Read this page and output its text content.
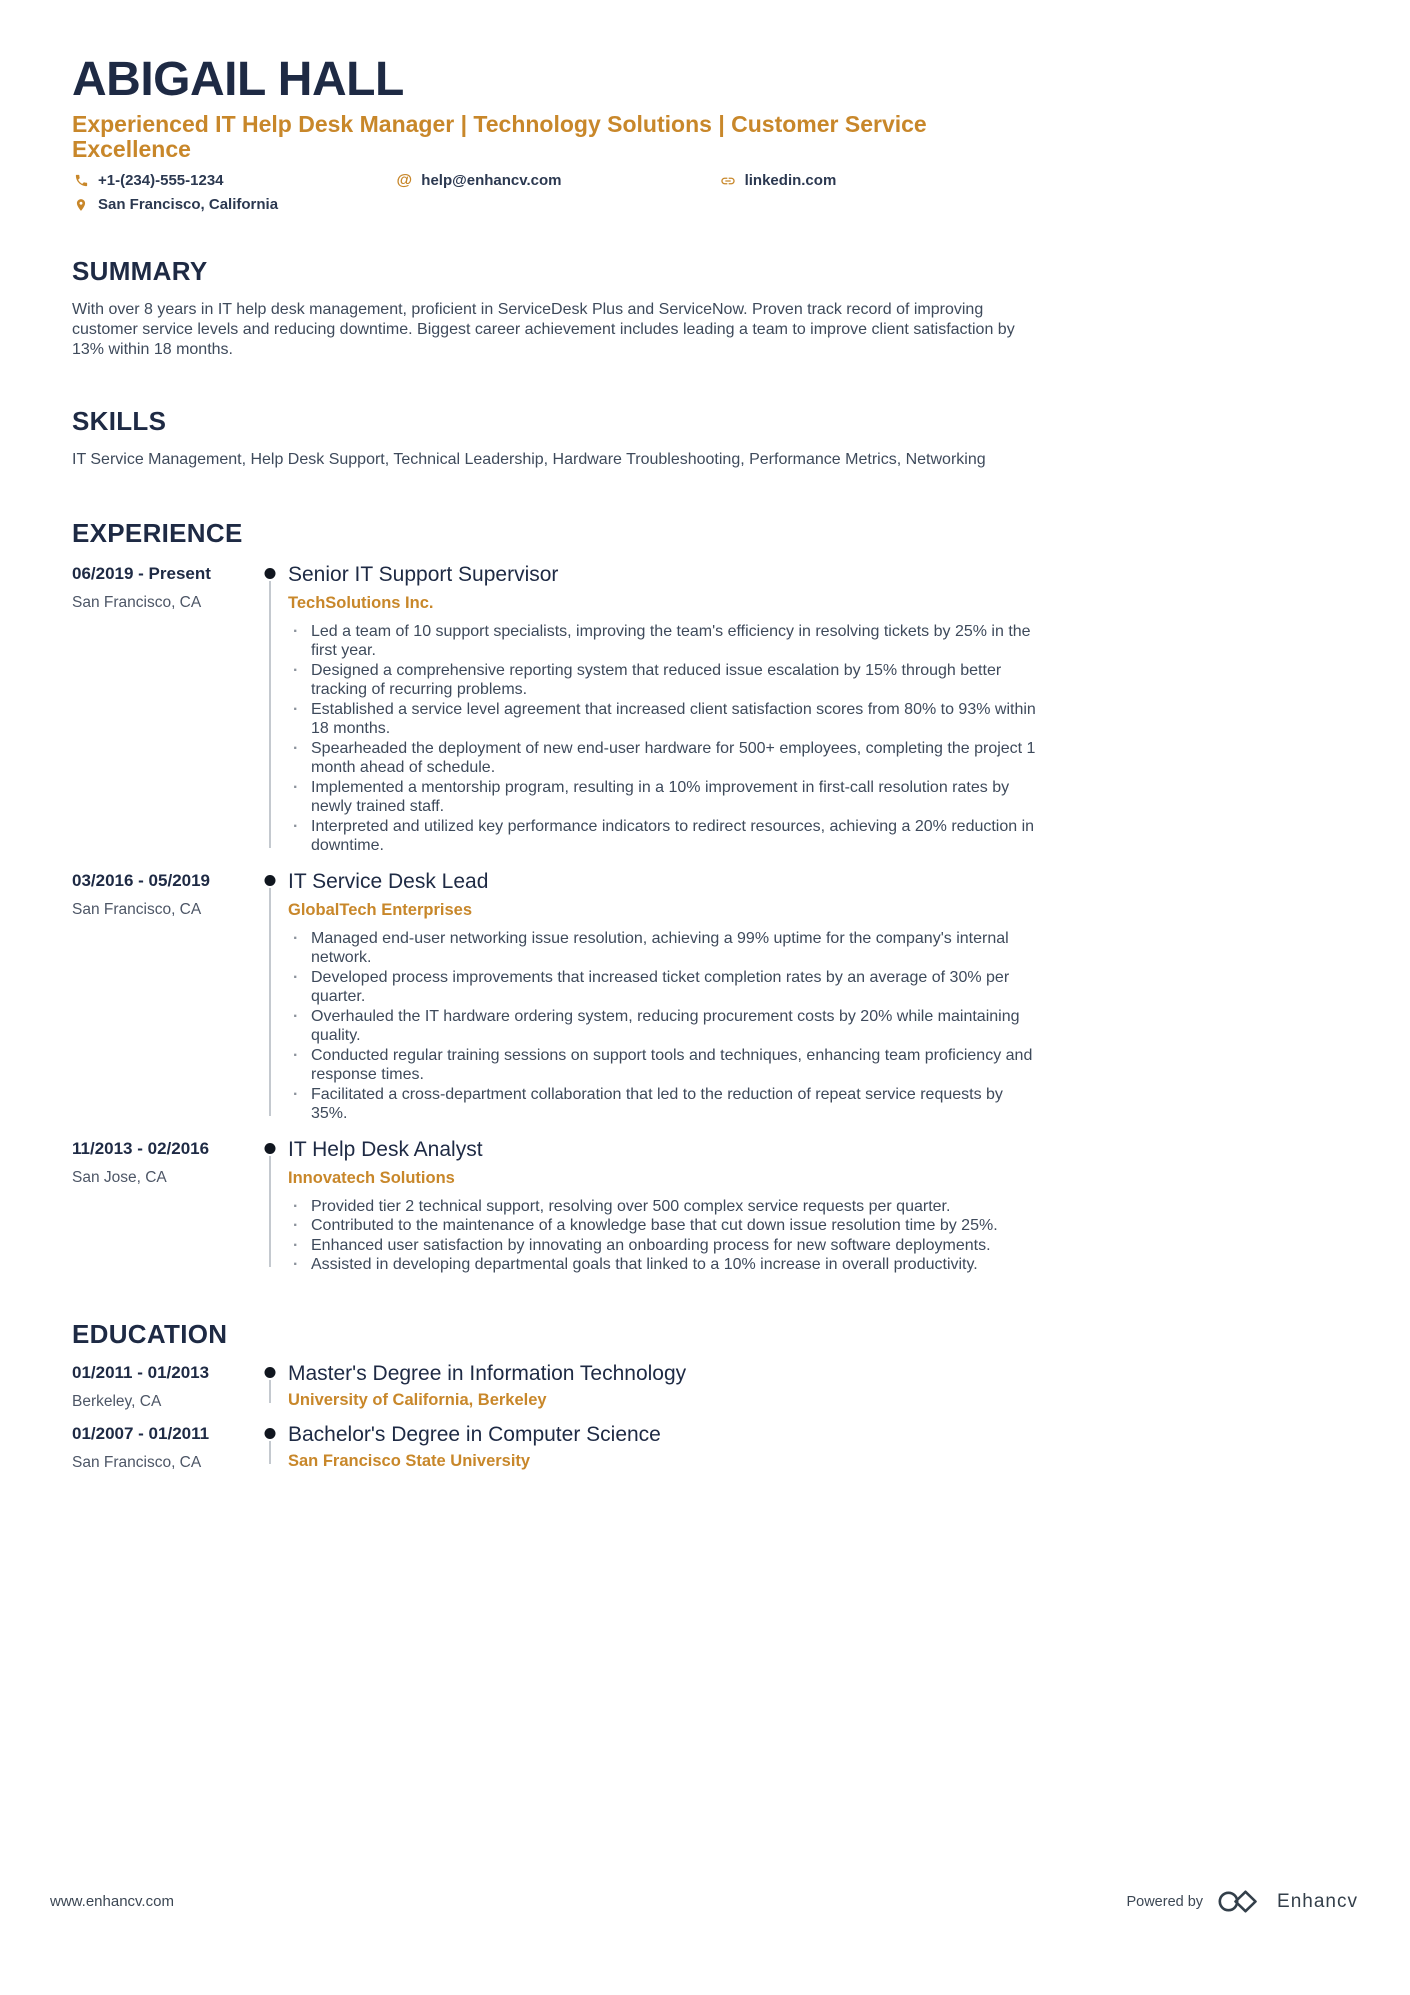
ABIGAIL HALL
Experienced IT Help Desk Manager | Technology Solutions | Customer Service Excellence
+1-(234)-555-1234	@ help@enhancv.com	linkedin.com
San Francisco, California
SUMMARY

With over 8 years in IT help desk management, proficient in ServiceDesk Plus and ServiceNow. Proven track record of improving customer service levels and reducing downtime. Biggest career achievement includes leading a team to improve client satisfaction by 13% within 18 months.

SKILLS

IT Service Management, Help Desk Support, Technical Leadership, Hardware Troubleshooting, Performance Metrics, Networking

EXPERIENCE
06/2019 - Present
San Francisco, CA
Senior IT Support Supervisor
TechSolutions Inc.
· Led a team of 10 support specialists, improving the team's efficiency in resolving tickets by 25% in the first year.
· Designed a comprehensive reporting system that reduced issue escalation by 15% through better tracking of recurring problems.
· Established a service level agreement that increased client satisfaction scores from 80% to 93% within 18 months.
· Spearheaded the deployment of new end-user hardware for 500+ employees, completing the project 1 month ahead of schedule.
· Implemented a mentorship program, resulting in a 10% improvement in first-call resolution rates by newly trained staff.
· Interpreted and utilized key performance indicators to redirect resources, achieving a 20% reduction in downtime.
03/2016 - 05/2019
San Francisco, CA
IT Service Desk Lead
GlobalTech Enterprises
· Managed end-user networking issue resolution, achieving a 99% uptime for the company's internal network.
· Developed process improvements that increased ticket completion rates by an average of 30% per quarter.
· Overhauled the IT hardware ordering system, reducing procurement costs by 20% while maintaining quality.
· Conducted regular training sessions on support tools and techniques, enhancing team proficiency and response times.
· Facilitated a cross-department collaboration that led to the reduction of repeat service requests by 35%.
11/2013 - 02/2016
San Jose, CA
IT Help Desk Analyst
Innovatech Solutions
· Provided tier 2 technical support, resolving over 500 complex service requests per quarter.
· Contributed to the maintenance of a knowledge base that cut down issue resolution time by 25%.
· Enhanced user satisfaction by innovating an onboarding process for new software deployments.
· Assisted in developing departmental goals that linked to a 10% increase in overall productivity.
EDUCATION
01/2011 - 01/2013
Berkeley, CA
Master's Degree in Information Technology
University of California, Berkeley
01/2007 - 01/2011
San Francisco, CA
Bachelor's Degree in Computer Science
San Francisco State University
www.enhancv.com	Powered by	Enhancv
